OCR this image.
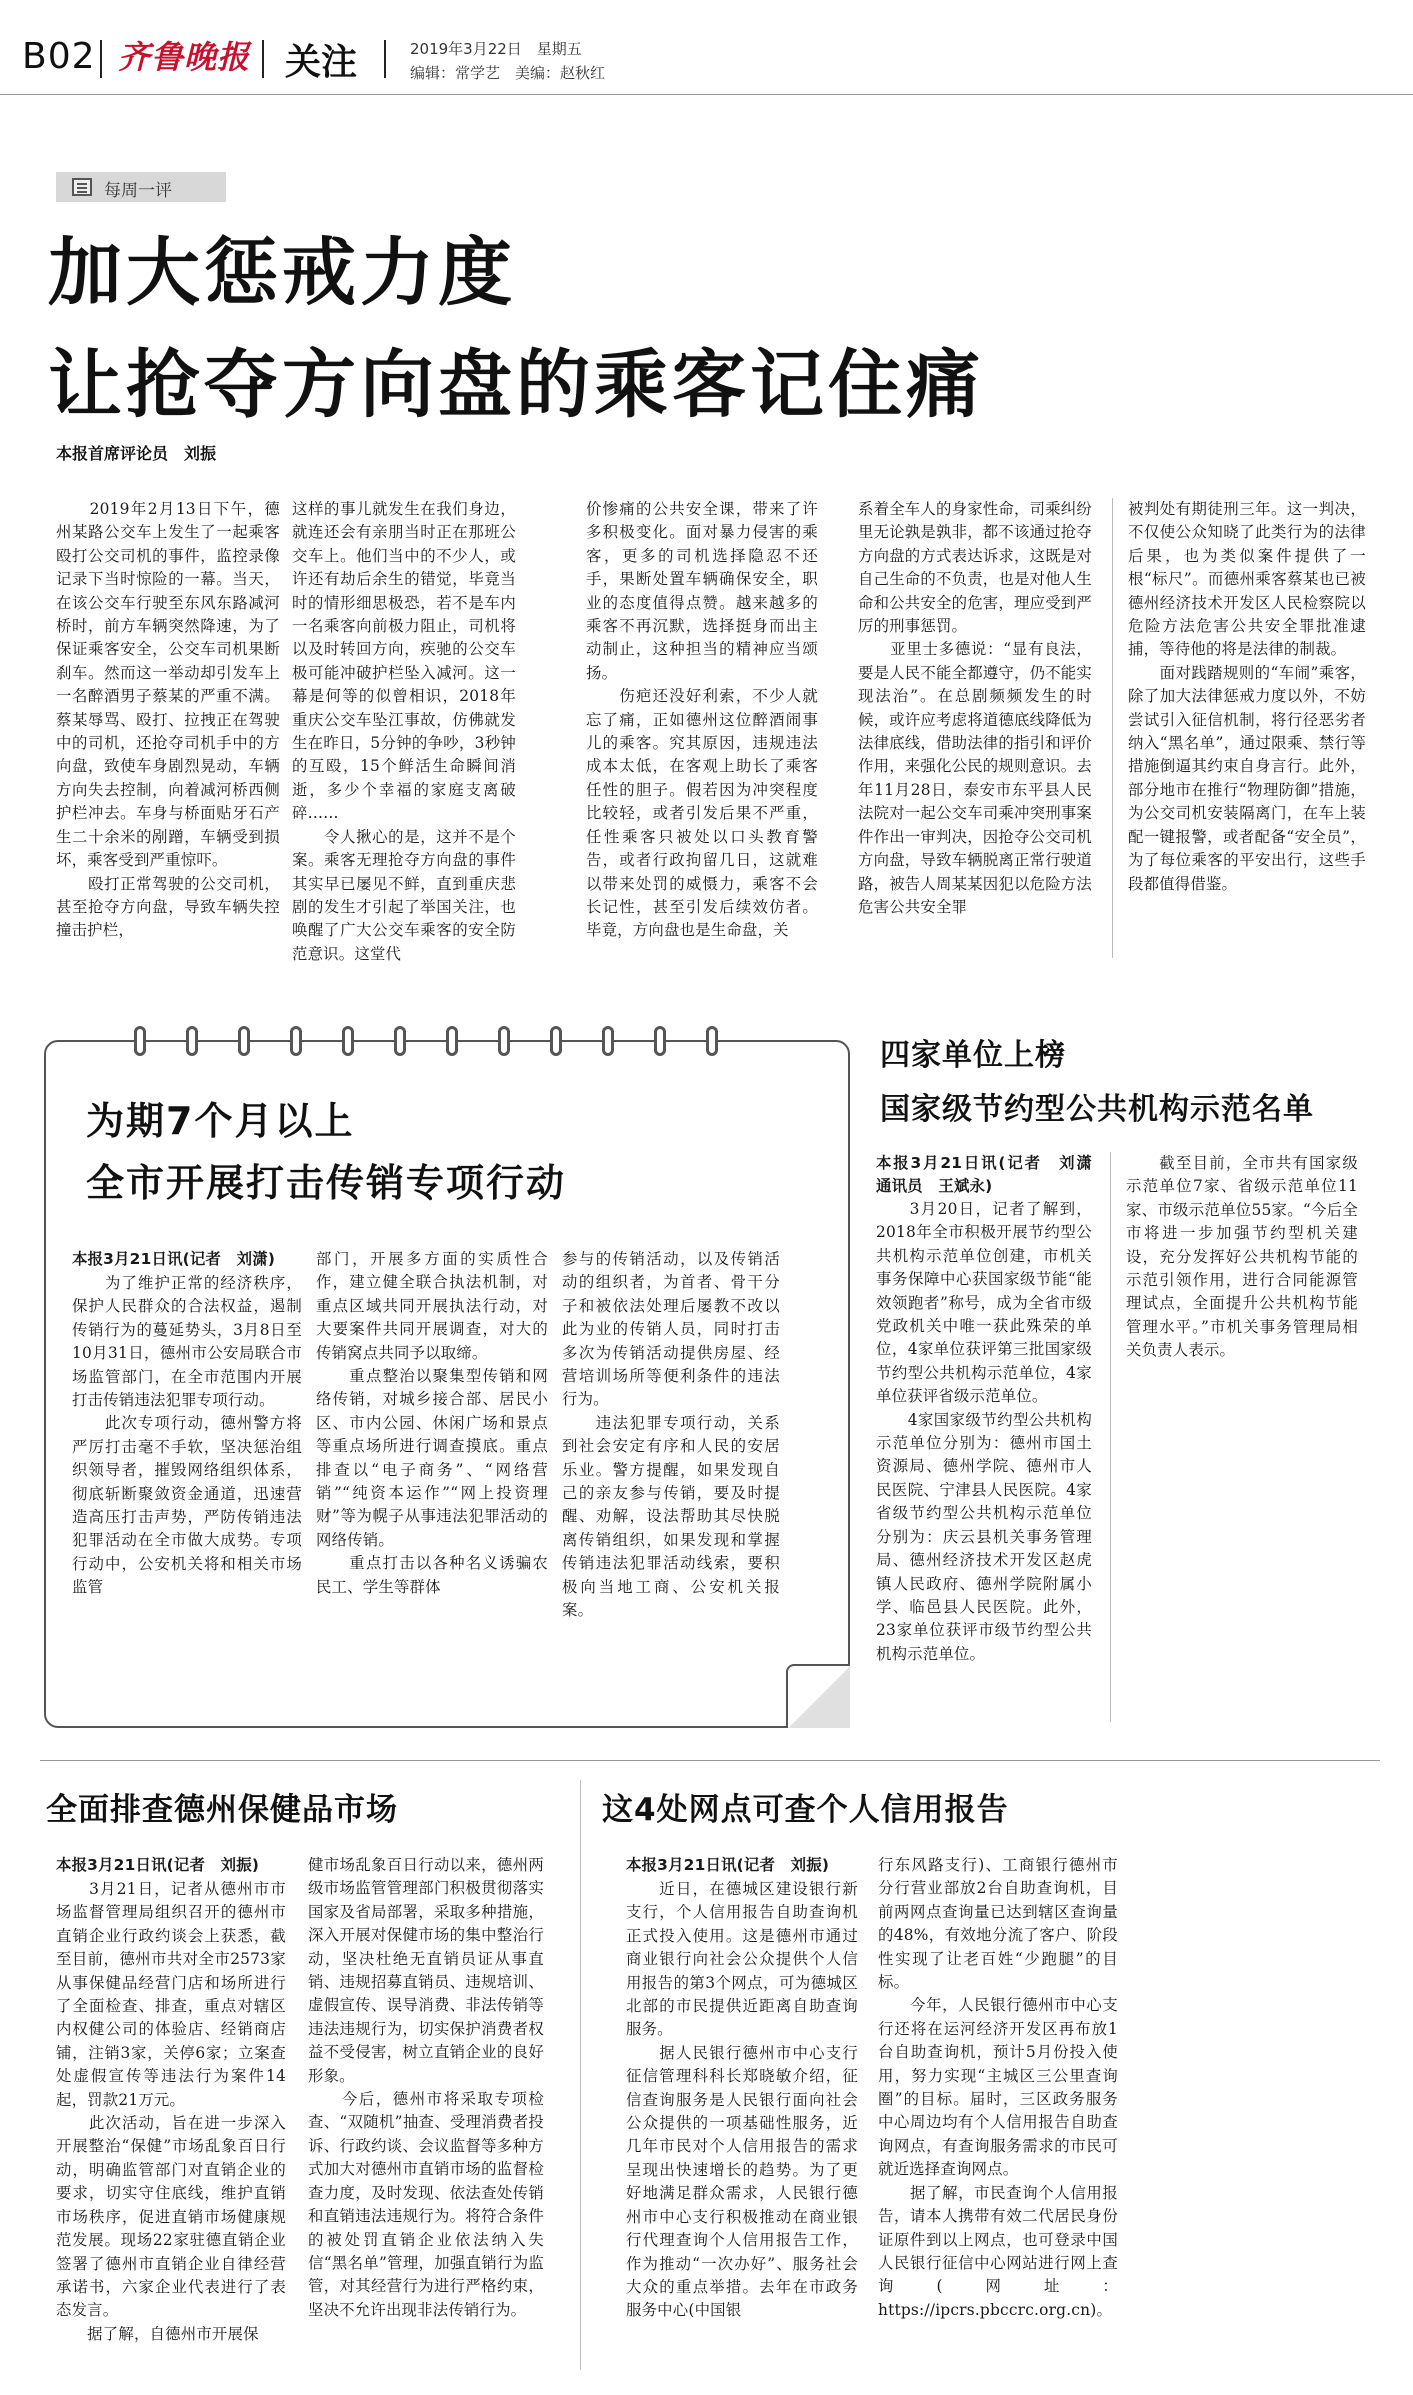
B02 齐鲁晚报 关注	2019年3月22日　星期五
编辑：常学艺　美编：赵秋红
每周一评
加大惩戒力度
让抢夺方向盘的乘客记住痛
本报首席评论员　刘振
　　2019年2月13日下午，德州某路公交车上发生了一起乘客殴打公交司机的事件，监控录像记录下当时惊险的一幕。当天，在该公交车行驶至东风东路减河桥时，前方车辆突然降速，为了保证乘客安全，公交车司机果断刹车。然而这一举动却引发车上一名醉酒男子蔡某的严重不满。蔡某辱骂、殴打、拉拽正在驾驶中的司机，还抢夺司机手中的方向盘，致使车身剧烈晃动，车辆方向失去控制，向着减河桥西侧护栏冲去。车身与桥面贴牙石产生二十余米的剐蹭，车辆受到损坏，乘客受到严重惊吓。
　　殴打正常驾驶的公交司机，甚至抢夺方向盘，导致车辆失控撞击护栏，
这样的事儿就发生在我们身边，就连还会有亲朋当时正在那班公交车上。他们当中的不少人，或许还有劫后余生的错觉，毕竟当时的情形细思极恐，若不是车内一名乘客向前极力阻止，司机将以及时转回方向，疾驰的公交车极可能冲破护栏坠入减河。这一幕是何等的似曾相识，2018年重庆公交车坠江事故，仿佛就发生在昨日，5分钟的争吵，3秒钟的互殴，15个鲜活生命瞬间消逝，多少个幸福的家庭支离破碎……
　　令人揪心的是，这并不是个案。乘客无理抢夺方向盘的事件其实早已屡见不鲜，直到重庆悲剧的发生才引起了举国关注，也唤醒了广大公交车乘客的安全防范意识。这堂代
价惨痛的公共安全课，带来了许多积极变化。面对暴力侵害的乘客，更多的司机选择隐忍不还手，果断处置车辆确保安全，职业的态度值得点赞。越来越多的乘客不再沉默，选择挺身而出主动制止，这种担当的精神应当颂扬。
　　伤疤还没好利索，不少人就忘了痛，正如德州这位醉酒闹事儿的乘客。究其原因，违规违法成本太低，在客观上助长了乘客任性的胆子。假若因为冲突程度比较轻，或者引发后果不严重，任性乘客只被处以口头教育警告，或者行政拘留几日，这就难以带来处罚的威慑力，乘客不会长记性，甚至引发后续效仿者。毕竟，方向盘也是生命盘，关
系着全车人的身家性命，司乘纠纷里无论孰是孰非，都不该通过抢夺方向盘的方式表达诉求，这既是对自己生命的不负责，也是对他人生命和公共安全的危害，理应受到严厉的刑事惩罚。
　　亚里士多德说：“显有良法，要是人民不能全都遵守，仍不能实现法治”。在总剧频频发生的时候，或许应考虑将道德底线降低为法律底线，借助法律的指引和评价作用，来强化公民的规则意识。去年11月28日，泰安市东平县人民法院对一起公交车司乘冲突刑事案件作出一审判决，因抢夺公交司机方向盘，导致车辆脱离正常行驶道路，被告人周某某因犯以危险方法危害公共安全罪
被判处有期徒刑三年。这一判决，不仅使公众知晓了此类行为的法律后果，也为类似案件提供了一根“标尺”。而德州乘客蔡某也已被德州经济技术开发区人民检察院以危险方法危害公共安全罪批准逮捕，等待他的将是法律的制裁。
　　面对践踏规则的“车闹”乘客，除了加大法律惩戒力度以外，不妨尝试引入征信机制，将行径恶劣者纳入“黑名单”，通过限乘、禁行等措施倒逼其约束自身言行。此外，部分地市在推行“物理防御”措施，为公交司机安装隔离门，在车上装配一键报警，或者配备“安全员”，为了每位乘客的平安出行，这些手段都值得借鉴。
为期7个月以上
全市开展打击传销专项行动
本报3月21日讯(记者　刘潇)
　　为了维护正常的经济秩序，保护人民群众的合法权益，遏制传销行为的蔓延势头，3月8日至10月31日，德州市公安局联合市场监管部门，在全市范围内开展打击传销违法犯罪专项行动。
　　此次专项行动，德州警方将严厉打击毫不手软，坚决惩治组织领导者，摧毁网络组织体系，彻底斩断聚敛资金通道，迅速营造高压打击声势，严防传销违法犯罪活动在全市做大成势。专项行动中，公安机关将和相关市场监管
部门，开展多方面的实质性合作，建立健全联合执法机制，对重点区域共同开展执法行动，对大要案件共同开展调查，对大的传销窝点共同予以取缔。
　　重点整治以聚集型传销和网络传销，对城乡接合部、居民小区、市内公园、休闲广场和景点等重点场所进行调查摸底。重点排查以“电子商务”、“网络营销”“纯资本运作”“网上投资理财”等为幌子从事违法犯罪活动的网络传销。
　　重点打击以各种名义诱骗农民工、学生等群体
参与的传销活动，以及传销活动的组织者，为首者、骨干分子和被依法处理后屡教不改以此为业的传销人员，同时打击多次为传销活动提供房屋、经营培训场所等便利条件的违法行为。
　　违法犯罪专项行动，关系到社会安定有序和人民的安居乐业。警方提醒，如果发现自己的亲友参与传销，要及时提醒、劝解，设法帮助其尽快脱离传销组织，如果发现和掌握传销违法犯罪活动线索，要积极向当地工商、公安机关报案。
四家单位上榜
国家级节约型公共机构示范名单
本报3月21日讯(记者　刘潇　通讯员　王斌永)
　　3月20日，记者了解到，2018年全市积极开展节约型公共机构示范单位创建，市机关事务保障中心获国家级节能“能效领跑者”称号，成为全省市级党政机关中唯一获此殊荣的单位，4家单位获评第三批国家级节约型公共机构示范单位，4家单位获评省级示范单位。
　　4家国家级节约型公共机构示范单位分别为：德州市国土资源局、德州学院、德州市人民医院、宁津县人民医院。4家省级节约型公共机构示范单位分别为：庆云县机关事务管理局、德州经济技术开发区赵虎镇人民政府、德州学院附属小学、临邑县人民医院。此外，23家单位获评市级节约型公共机构示范单位。
　　截至目前，全市共有国家级示范单位7家、省级示范单位11家、市级示范单位55家。“今后全市将进一步加强节约型机关建设，充分发挥好公共机构节能的示范引领作用，进行合同能源管理试点，全面提升公共机构节能管理水平。”市机关事务管理局相关负责人表示。
全面排查德州保健品市场
本报3月21日讯(记者　刘振)
　　3月21日，记者从德州市市场监督管理局组织召开的德州市直销企业行政约谈会上获悉，截至目前，德州市共对全市2573家从事保健品经营门店和场所进行了全面检查、排查，重点对辖区内权健公司的体验店、经销商店铺，注销3家，关停6家；立案查处虚假宣传等违法行为案件14起，罚款21万元。
　　此次活动，旨在进一步深入开展整治“保健”市场乱象百日行动，明确监管部门对直销企业的要求，切实守住底线，维护直销市场秩序，促进直销市场健康规范发展。现场22家驻德直销企业签署了德州市直销企业自律经营承诺书，六家企业代表进行了表态发言。
　　据了解，自德州市开展保
健市场乱象百日行动以来，德州两级市场监管管理部门积极贯彻落实国家及省局部署，采取多种措施，深入开展对保健市场的集中整治行动，坚决杜绝无直销员证从事直销、违规招募直销员、违规培训、虚假宣传、误导消费、非法传销等违法违规行为，切实保护消费者权益不受侵害，树立直销企业的良好形象。
　　今后，德州市将采取专项检查、“双随机”抽查、受理消费者投诉、行政约谈、会议监督等多种方式加大对德州市直销市场的监督检查力度，及时发现、依法查处传销和直销违法违规行为。将符合条件的被处罚直销企业依法纳入失信“黑名单”管理，加强直销行为监管，对其经营行为进行严格约束，坚决不允许出现非法传销行为。
这4处网点可查个人信用报告
本报3月21日讯(记者　刘振)
　　近日，在德城区建设银行新支行，个人信用报告自助查询机正式投入使用。这是德州市通过商业银行向社会公众提供个人信用报告的第3个网点，可为德城区北部的市民提供近距离自助查询服务。
　　据人民银行德州市中心支行征信管理科科长郑晓敏介绍，征信查询服务是人民银行面向社会公众提供的一项基础性服务，近几年市民对个人信用报告的需求呈现出快速增长的趋势。为了更好地满足群众需求，人民银行德州市中心支行积极推动在商业银行代理查询个人信用报告工作，作为推动“一次办好”、服务社会大众的重点举措。去年在市政务服务中心(中国银
行东风路支行)、工商银行德州市分行营业部放2台自助查询机，目前两网点查询量已达到辖区查询量的48%，有效地分流了客户、阶段性实现了让老百姓“少跑腿”的目标。
　　今年，人民银行德州市中心支行还将在运河经济开发区再布放1台自助查询机，预计5月份投入使用，努力实现“主城区三公里查询圈”的目标。届时，三区政务服务中心周边均有个人信用报告自助查询网点，有查询服务需求的市民可就近选择查询网点。
　　据了解，市民查询个人信用报告，请本人携带有效二代居民身份证原件到以上网点，也可登录中国人民银行征信中心网站进行网上查询(网址：https://ipcrs.pbccrc.org.cn)。
